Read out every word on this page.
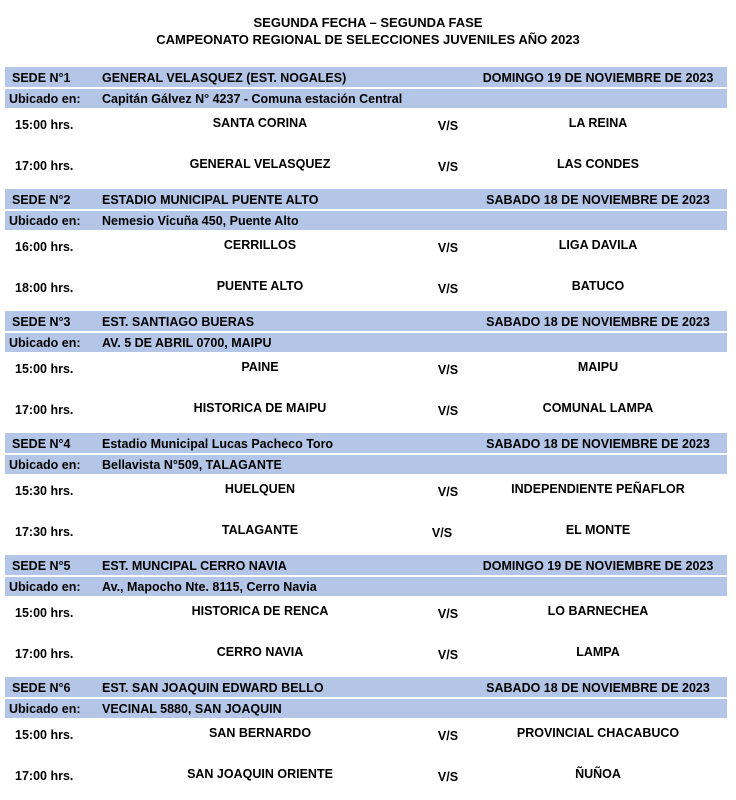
SEGUNDA FECHA – SEGUNDA FASE
CAMPEONATO REGIONAL DE SELECCIONES JUVENILES AÑO 2023
SEDE N°1	GENERAL VELASQUEZ (EST. NOGALES)	DOMINGO 19 DE NOVIEMBRE DE 2023
Ubicado en: Capitán Gálvez N° 4237 - Comuna estación Central
15:00 hrs.	SANTA CORINA	V/S	LA REINA
17:00 hrs.	GENERAL VELASQUEZ	V/S	LAS CONDES
SEDE N°2	ESTADIO MUNICIPAL PUENTE ALTO	SABADO 18 DE NOVIEMBRE DE 2023
Ubicado en: Nemesio Vicuña 450, Puente Alto
16:00 hrs.	CERRILLOS	V/S	LIGA DAVILA
18:00 hrs.	PUENTE ALTO	V/S	BATUCO
SEDE N°3	EST. SANTIAGO BUERAS	SABADO 18 DE NOVIEMBRE DE 2023
Ubicado en: AV. 5 DE ABRIL 0700, MAIPU
15:00 hrs.	PAINE	V/S	MAIPU
17:00 hrs.	HISTORICA DE MAIPU	V/S	COMUNAL LAMPA
SEDE N°4	Estadio Municipal Lucas Pacheco Toro	SABADO 18 DE NOVIEMBRE DE 2023
Ubicado en: Bellavista N°509, TALAGANTE
15:30 hrs.	HUELQUEN	V/S	INDEPENDIENTE PEÑAFLOR
17:30 hrs.	TALAGANTE	V/S	EL MONTE
SEDE N°5	EST. MUNCIPAL CERRO NAVIA	DOMINGO 19 DE NOVIEMBRE DE 2023
Ubicado en: Av., Mapocho Nte. 8115, Cerro Navia
15:00 hrs.	HISTORICA DE RENCA	V/S	LO BARNECHEA
17:00 hrs.	CERRO NAVIA	V/S	LAMPA
SEDE N°6	EST. SAN JOAQUIN EDWARD BELLO	SABADO 18 DE NOVIEMBRE DE 2023
Ubicado en: VECINAL 5880, SAN JOAQUIN
15:00 hrs.	SAN BERNARDO	V/S	PROVINCIAL CHACABUCO
17:00 hrs.	SAN JOAQUIN ORIENTE	V/S	ÑUÑOA
